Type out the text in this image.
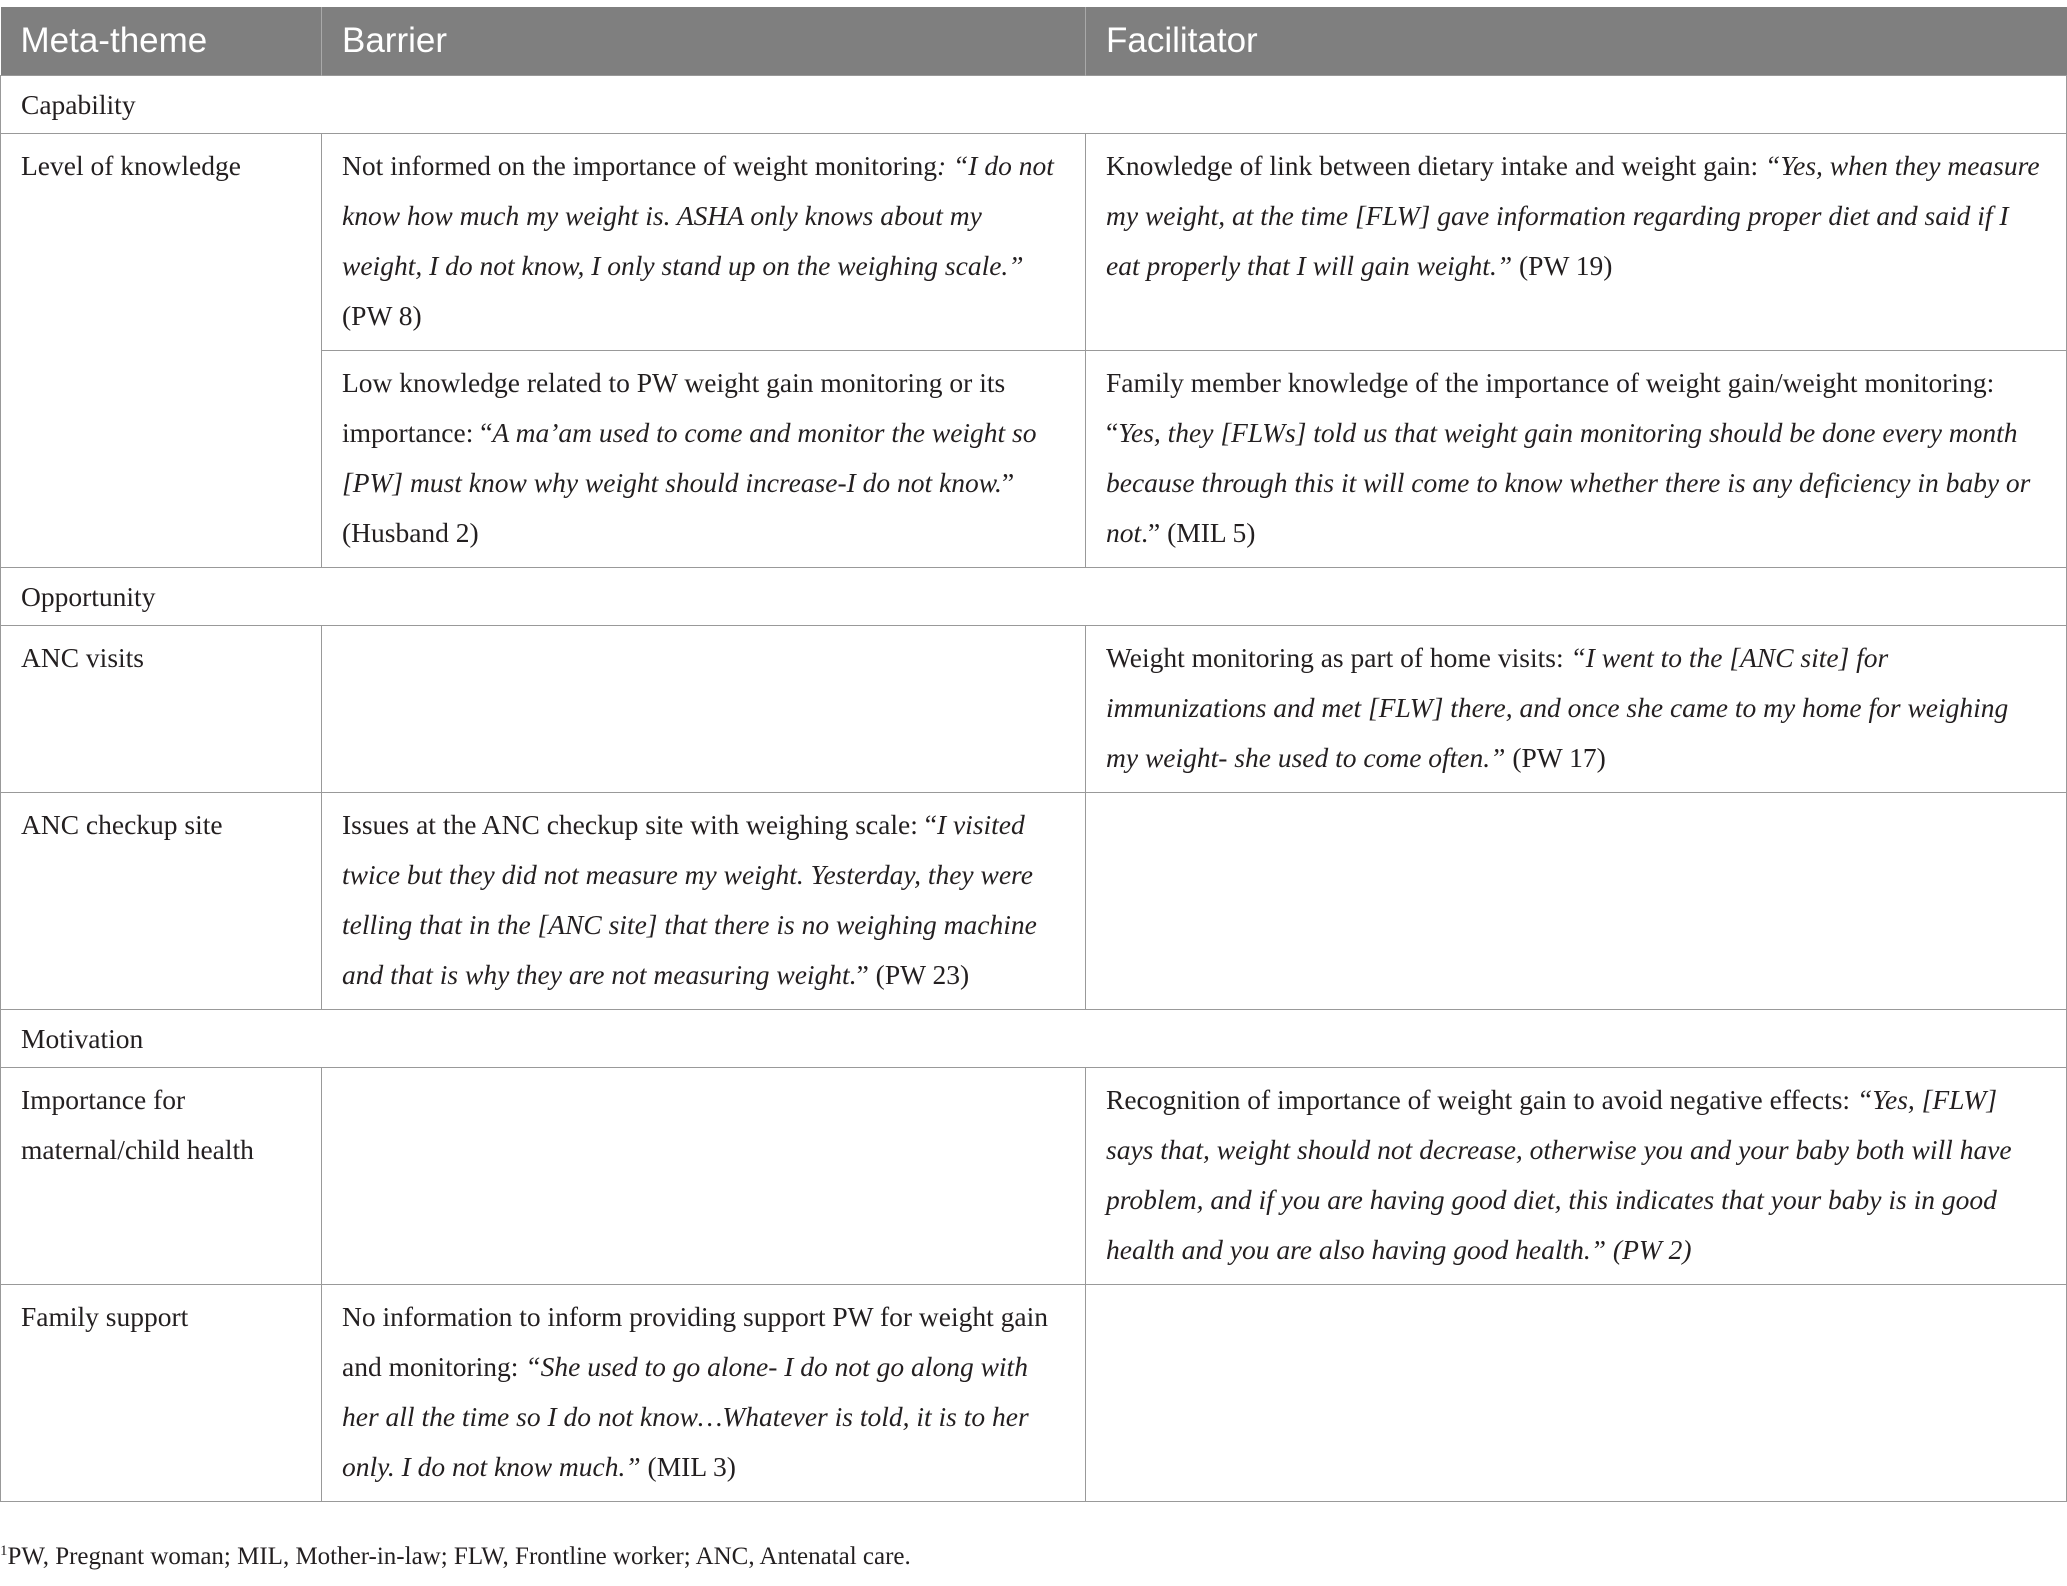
Meta-theme	Barrier	Facilitator
Capability		
Level of knowledge	Not informed on the importance of weight monitoring: “I do not know how much my weight is. ASHA only knows about my weight, I do not know, I only stand up on the weighing scale.” (PW 8)	Knowledge of link between dietary intake and weight gain: “Yes, when they measure my weight, at the time [FLW] gave information regarding proper diet and said if I eat properly that I will gain weight.” (PW 19)
	Low knowledge related to PW weight gain monitoring or its importance: “A ma’am used to come and monitor the weight so [PW] must know why weight should increase-I do not know.” (Husband 2)	Family member knowledge of the importance of weight gain/weight monitoring: “Yes, they [FLWs] told us that weight gain monitoring should be done every month because through this it will come to know whether there is any deficiency in baby or not.” (MIL 5)
Opportunity		
ANC visits		Weight monitoring as part of home visits: “I went to the [ANC site] for immunizations and met [FLW] there, and once she came to my home for weighing my weight- she used to come often.” (PW 17)
ANC checkup site	Issues at the ANC checkup site with weighing scale: “I visited twice but they did not measure my weight. Yesterday, they were telling that in the [ANC site] that there is no weighing machine and that is why they are not measuring weight.” (PW 23)	
Motivation		
Importance for maternal/child health		Recognition of importance of weight gain to avoid negative effects: “Yes, [FLW] says that, weight should not decrease, otherwise you and your baby both will have problem, and if you are having good diet, this indicates that your baby is in good health and you are also having good health.” (PW 2)
Family support	No information to inform providing support PW for weight gain and monitoring: “She used to go alone- I do not go along with her all the time so I do not know…Whatever is told, it is to her only. I do not know much.” (MIL 3)	
$^1$PW, Pregnant woman; MIL, Mother-in-law; FLW, Frontline worker; ANC, Antenatal care.
